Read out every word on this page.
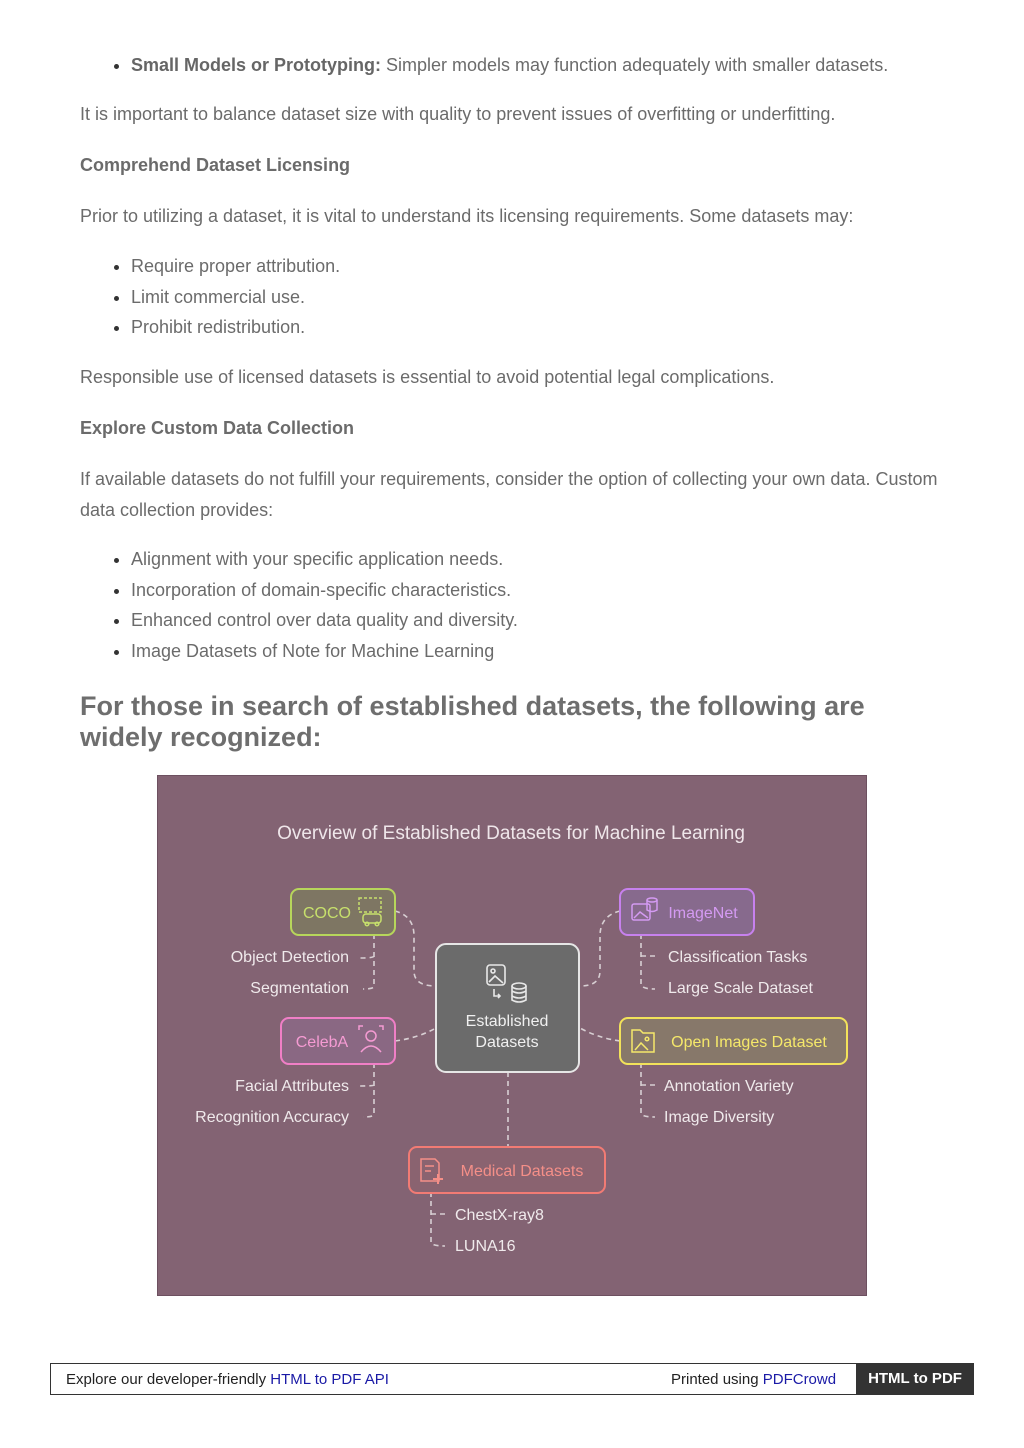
• Small Models or Prototyping: Simpler models may function adequately with smaller datasets.

It is important to balance dataset size with quality to prevent issues of overfitting or underfitting.

Comprehend Dataset Licensing

Prior to utilizing a dataset, it is vital to understand its licensing requirements. Some datasets may:

• Require proper attribution.
• Limit commercial use.
• Prohibit redistribution.

Responsible use of licensed datasets is essential to avoid potential legal complications.

Explore Custom Data Collection

If available datasets do not fulfill your requirements, consider the option of collecting your own data. Custom data collection provides:

• Alignment with your specific application needs.
• Incorporation of domain-specific characteristics.
• Enhanced control over data quality and diversity.
• Image Datasets of Note for Machine Learning
For those in search of established datasets, the following are widely recognized:
Overview of Established Datasets for Machine Learning
Established
Datasets
COCO
Object Detection
Segmentation
CelebA
Facial Attributes
Recognition Accuracy
ImageNet
Classification Tasks
Large Scale Dataset
Open Images Dataset
Annotation Variety
Image Diversity
Medical Datasets
ChestX-ray8
LUNA16
Explore our developer-friendly HTML to PDF API	Printed using PDFCrowd	HTML to PDF
